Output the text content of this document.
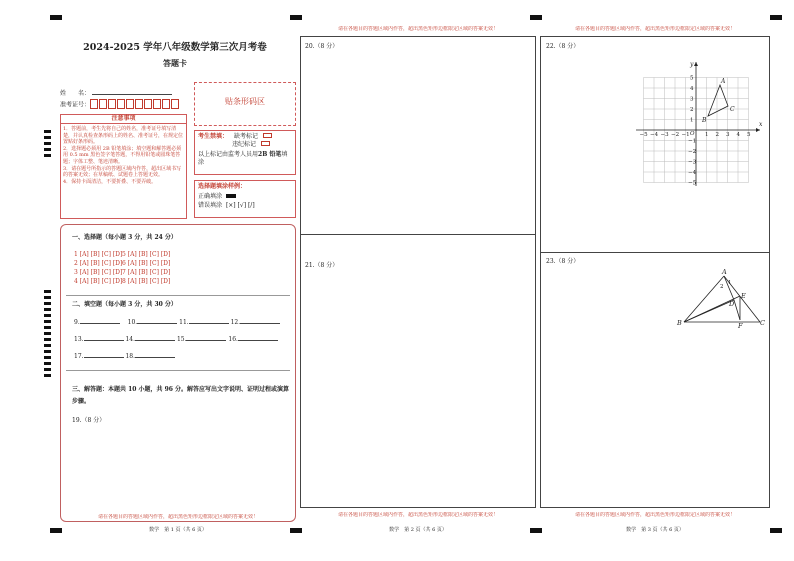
2024-2025 学年八年级数学第三次月考卷
答题卡
姓　　名：
准考证号：	贴条形码区
注意事项
1．答题前，考生先将自己的姓名，准考证号填写清楚，并认真检查条形码上的姓名、准考证号，在规定位置贴好条形码。
2．选择题必须用 2B 铅笔填涂；填空题和解答题必须用 0.5 mm 黑色签字笔答题，不得用铅笔或圆珠笔答题；字体工整、笔迹清晰。
3．请在题号所指示的答题区域内作答，超出区域书写的答案无效；在草稿纸、试题卷上答题无效。
4．保持卡面清洁，不要折叠、不要弄破。
考生禁填： 缺考标记
违纪标记
以上标记由监考人员用2B 铅笔填涂
选择题填涂样例：
正确填涂
错误填涂 [×] [√] [/]
一、选择题（每小题 3 分，共 24 分）
1 [A] [B] [C] [D]5 [A] [B] [C] [D]
2 [A] [B] [C] [D]6 [A] [B] [C] [D]
3 [A] [B] [C] [D]7 [A] [B] [C] [D]
4 [A] [B] [C] [D]8 [A] [B] [C] [D]
二、填空题（每小题 3 分，共 30 分）
9.	10.	11.	12.
13.	14.	15.	16.
17.	18.
三、解答题：本题共 10 小题，共 96 分。解答应写出文字说明、证明过程或演算步骤。
19.（8 分）
请在各题目的答题区域内作答，超出黑色矩形边框限定区域的答案无效！
数学　第 1 页（共 6 页）
请在各题目的答题区域内作答，超出黑色矩形边框限定区域的答案无效！
20.（8 分）
21.（8 分）
请在各题目的答题区域内作答，超出黑色矩形边框限定区域的答案无效！
数学　第 2 页（共 6 页）
请在各题目的答题区域内作答，超出黑色矩形边框限定区域的答案无效！
22.（8 分）
23.（8 分）
请在各题目的答题区域内作答，超出黑色矩形边框限定区域的答案无效！
数学　第 3 页（共 6 页）
x
y
O
−5 −4 −3 −2 −1	1 2 3 4 5
5
4
3
2
1
−1
−2
−3
−4
−5
A
B
C
A
B	C
D
E
F
1
2
